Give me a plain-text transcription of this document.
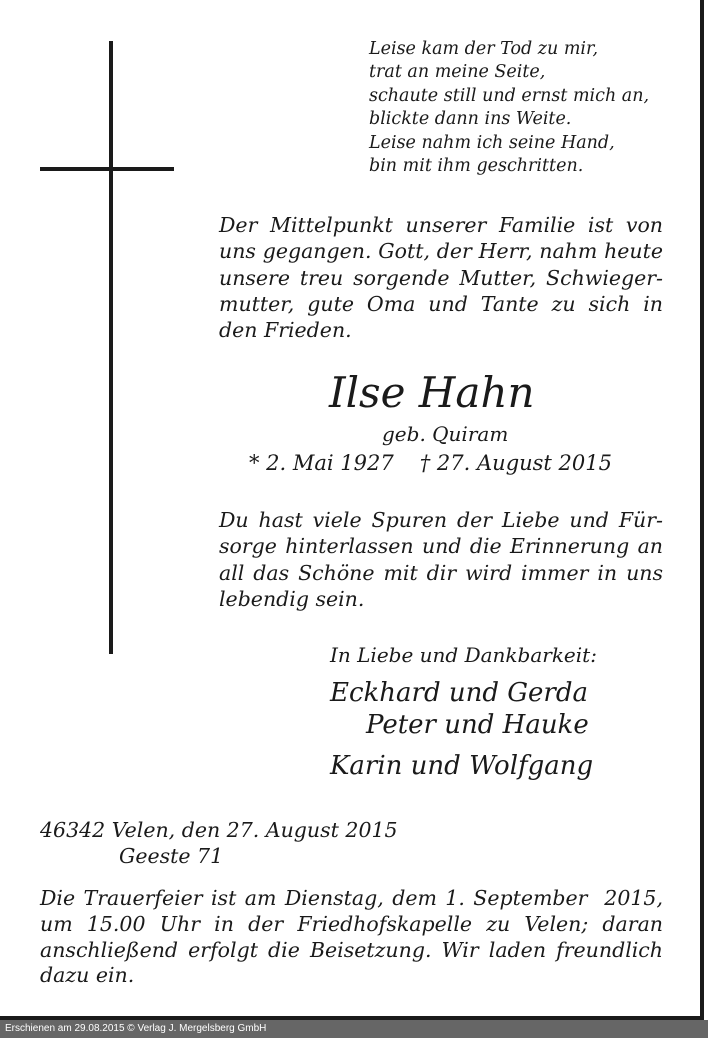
Leise kam der Tod zu mir,
trat an meine Seite,
schaute still und ernst mich an,
blickte dann ins Weite.
Leise nahm ich seine Hand,
bin mit ihm geschritten.
Der Mittelpunkt unserer Familie ist von
uns gegangen. Gott, der Herr, nahm heute
unsere treu sorgende Mutter, Schwieger-
mutter, gute Oma und Tante zu sich in
den Frieden.
Ilse Hahn
geb. Quiram
* 2. Mai 1927 † 27. August 2015
Du hast viele Spuren der Liebe und Für-
sorge hinterlassen und die Erinnerung an
all das Schöne mit dir wird immer in uns
lebendig sein.
In Liebe und Dankbarkeit:
Eckhard und Gerda
Peter und Hauke
Karin und Wolfgang
46342 Velen, den 27. August 2015
Geeste 71
Die Trauerfeier ist am Dienstag, dem 1. September  2015,
um 15.00 Uhr in der Friedhofskapelle zu Velen; daran
anschließend erfolgt die Beisetzung. Wir laden freundlich
dazu ein.
Erschienen am 29.08.2015 © Verlag J. Mergelsberg GmbH
